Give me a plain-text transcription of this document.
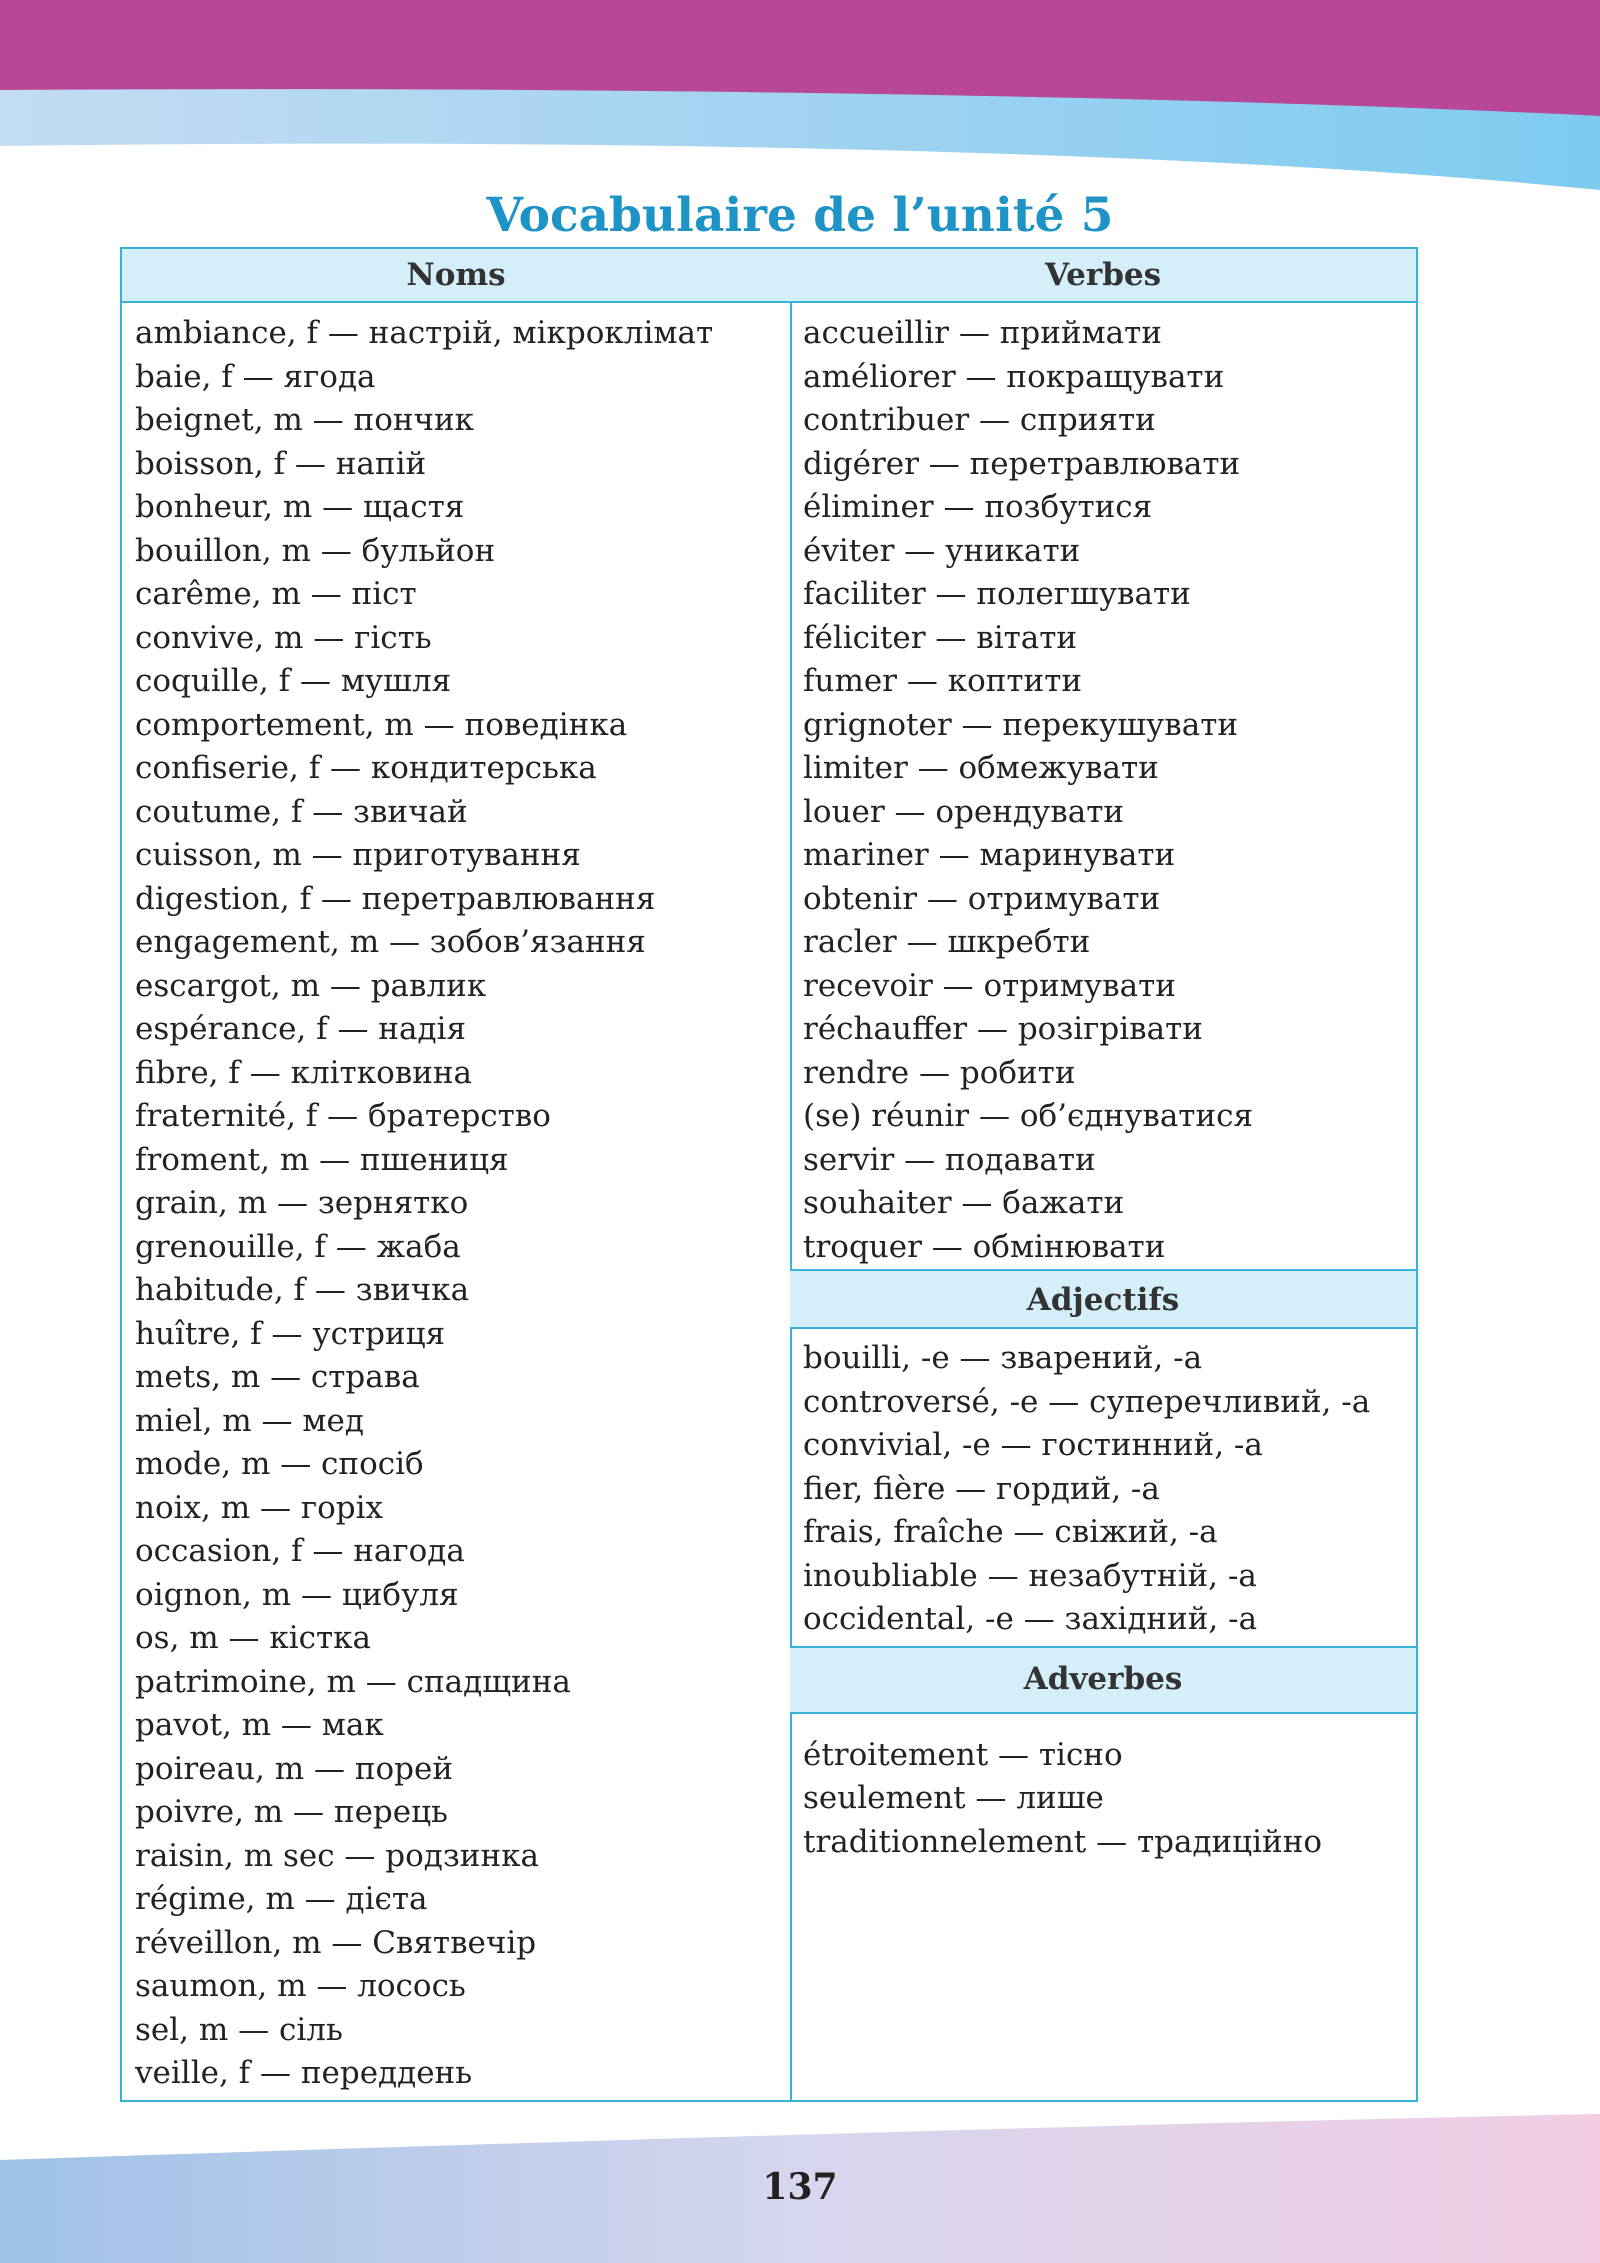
Vocabulaire de l’unité 5
Noms
ambiance, f — настрій, мікроклімат
baie, f — ягода
beignet, m — пончик
boisson, f — напій
bonheur, m — щастя
bouillon, m — бульйон
carême, m — піст
convive, m — гість
coquille, f — мушля
comportement, m — поведінка
confiserie, f — кондитерська
coutume, f — звичай
cuisson, m — приготування
digestion, f — перетравлювання
engagement, m — зобов’язання
escargot, m — равлик
espérance, f — надія
fibre, f — клітковина
fraternité, f — братерство
froment, m — пшениця
grain, m — зернятко
grenouille, f — жаба
habitude, f — звичка
huître, f — устриця
mets, m — страва
miel, m — мед
mode, m — спосіб
noix, m — горіх
occasion, f — нагода
oignon, m — цибуля
os, m — кістка
patrimoine, m — спадщина
pavot, m — мак
poireau, m — порей
poivre, m — перець
raisin, m sec — родзинка
régime, m — дієта
réveillon, m — Святвечір
saumon, m — лосось
sel, m — сіль
veille, f — переддень
Verbes
accueillir — приймати
améliorer — покращувати
contribuer — сприяти
digérer — перетравлювати
éliminer — позбутися
éviter — уникати
faciliter — полегшувати
féliciter — вітати
fumer — коптити
grignoter — перекушувати
limiter — обмежувати
louer — орендувати
mariner — маринувати
obtenir — отримувати
racler — шкребти
recevoir — отримувати
réchauffer — розігрівати
rendre — робити
(se) réunir — об’єднуватися
servir — подавати
souhaiter — бажати
troquer — обмінювати
Adjectifs
bouilli, -e — зварений, -а
controversé, -e — суперечливий, -а
convivial, -e — гостинний, -а
fier, fière — гордий, -а
frais, fraîche — свіжий, -а
inoubliable — незабутній, -а
occidental, -e — західний, -а
Adverbes
étroitement — тісно
seulement — лише
traditionnelement — традиційно
137
